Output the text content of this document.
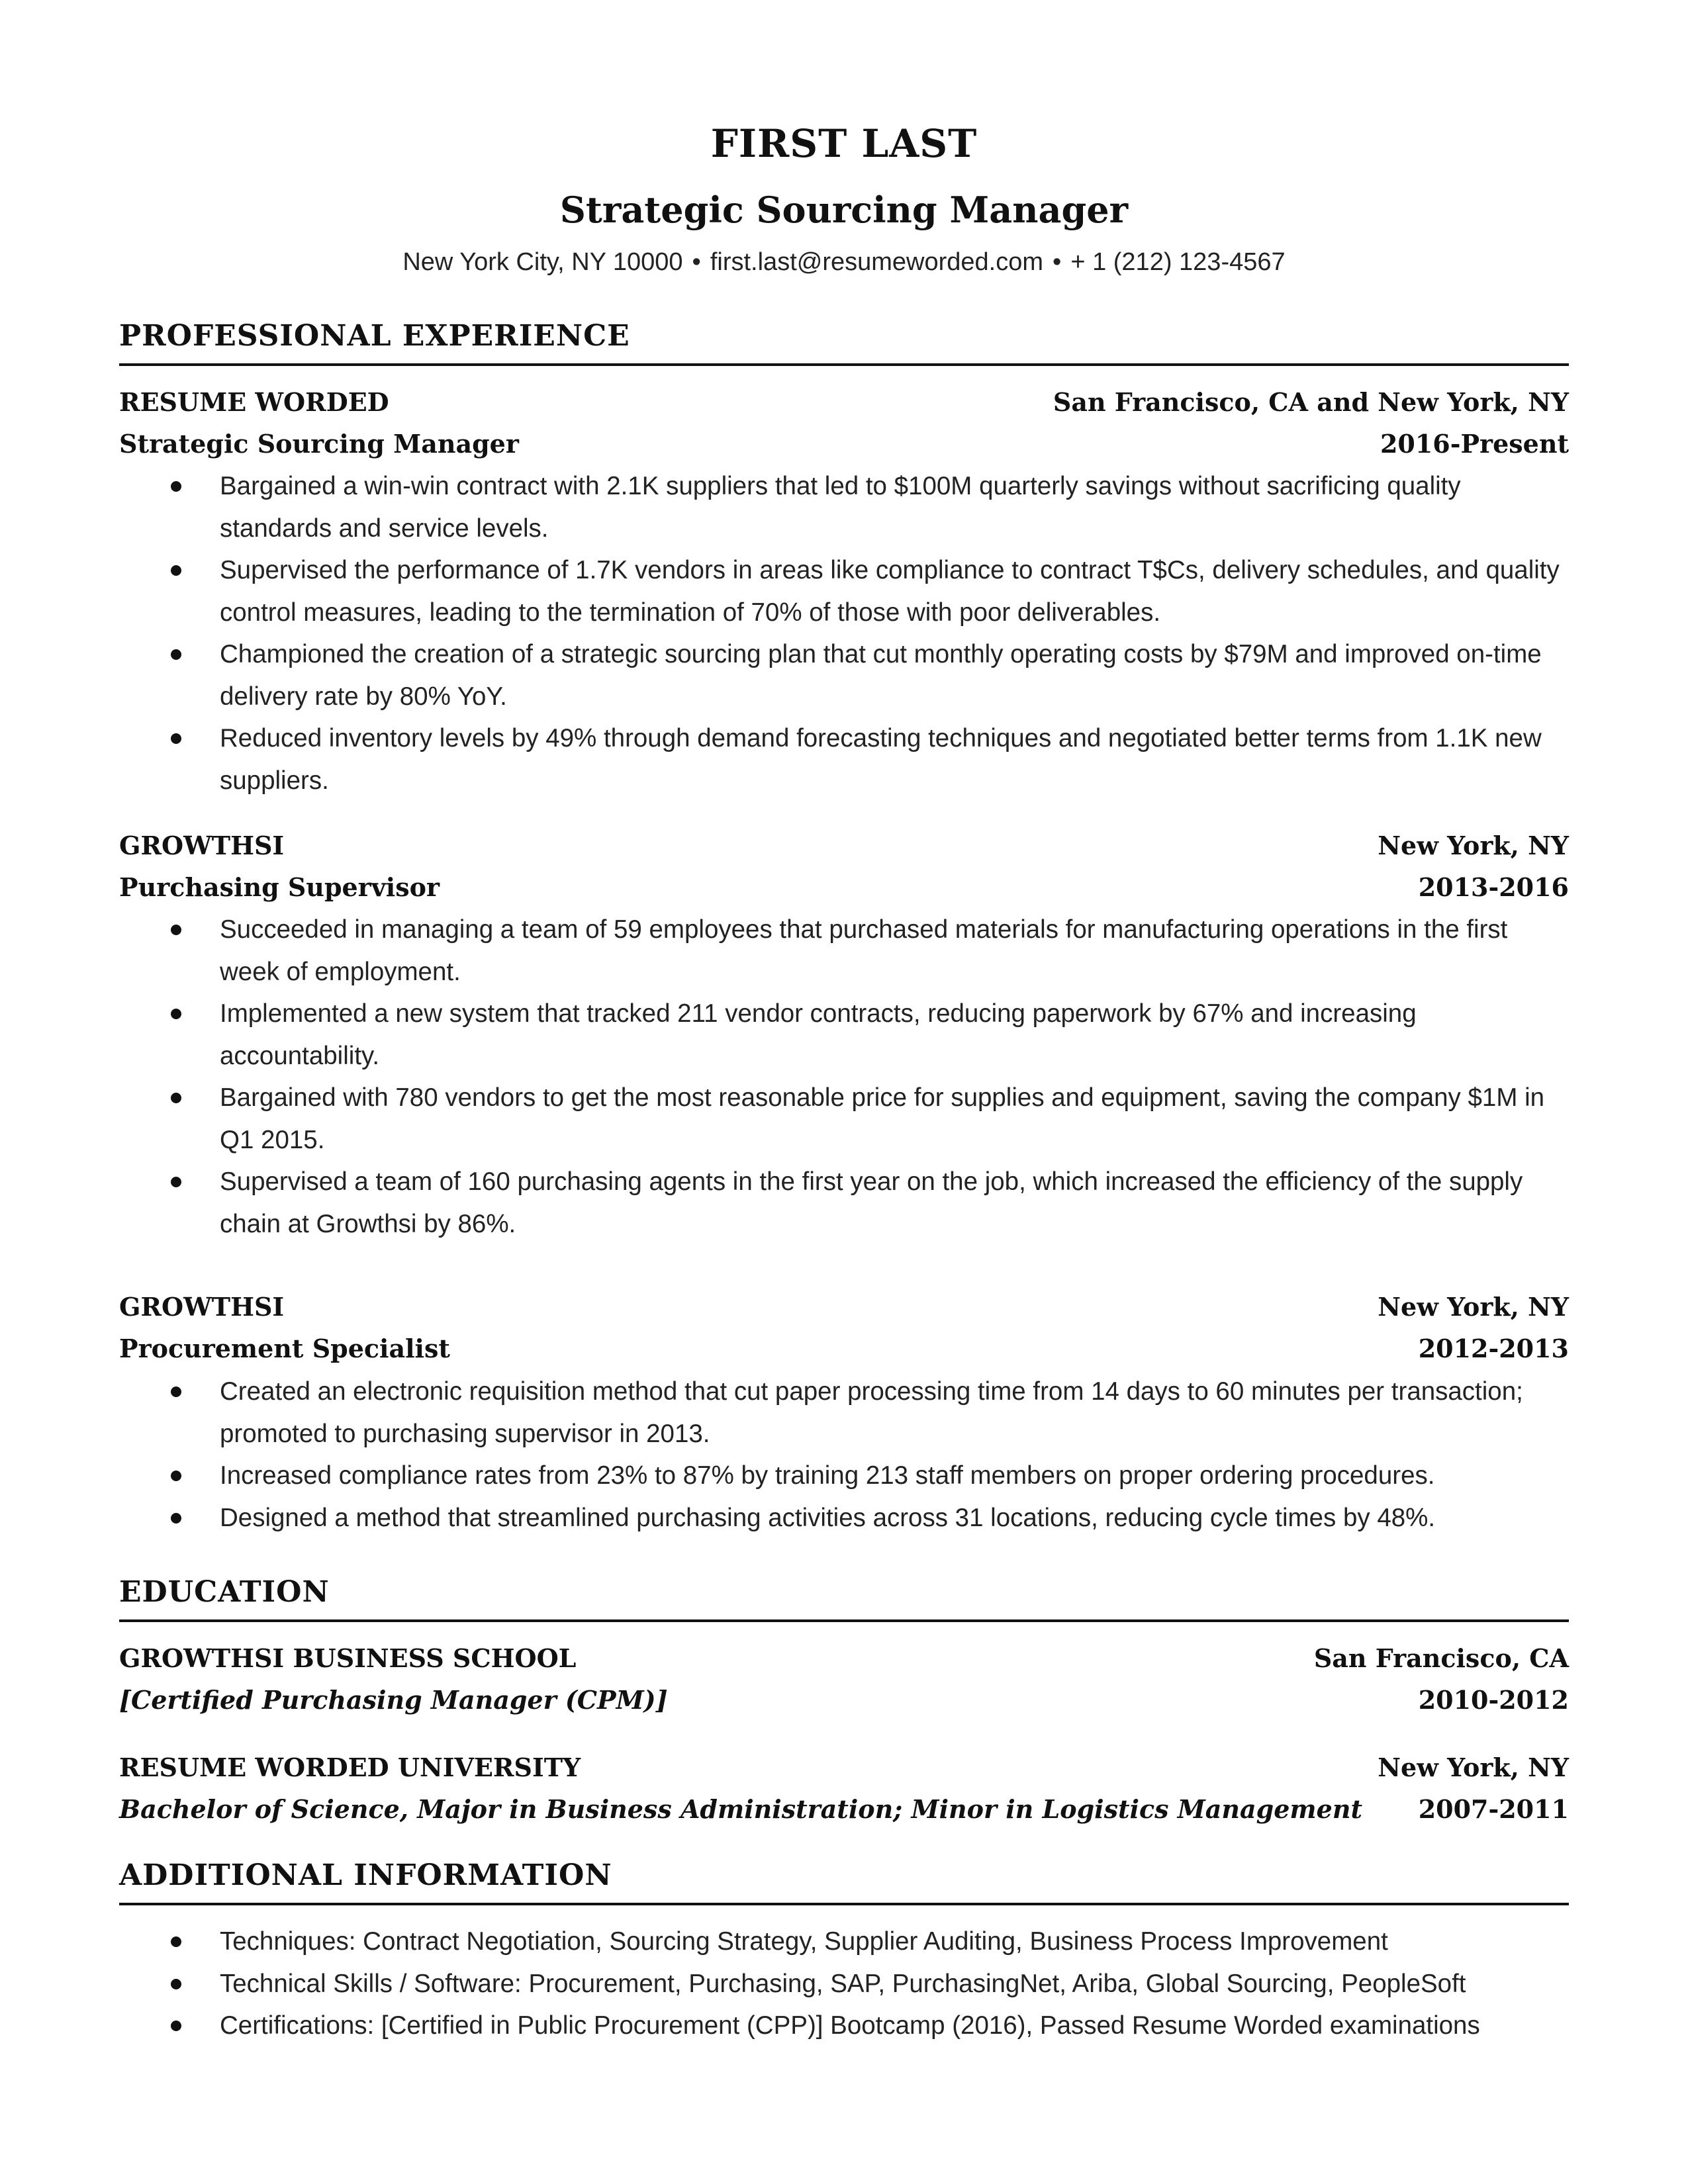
FIRST LAST
Strategic Sourcing Manager
New York City, NY 10000 • first.last@resumeworded.com • + 1 (212) 123-4567
PROFESSIONAL EXPERIENCE
RESUME WORDED	San Francisco, CA and New York, NY
Strategic Sourcing Manager	2016-Present
Bargained a win-win contract with 2.1K suppliers that led to $100M quarterly savings without sacrificing quality standards and service levels.
Supervised the performance of 1.7K vendors in areas like compliance to contract T$Cs, delivery schedules, and quality control measures, leading to the termination of 70% of those with poor deliverables.
Championed the creation of a strategic sourcing plan that cut monthly operating costs by $79M and improved on-time delivery rate by 80% YoY.
Reduced inventory levels by 49% through demand forecasting techniques and negotiated better terms from 1.1K new suppliers.
GROWTHSI	New York, NY
Purchasing Supervisor	2013-2016
Succeeded in managing a team of 59 employees that purchased materials for manufacturing operations in the first week of employment.
Implemented a new system that tracked 211 vendor contracts, reducing paperwork by 67% and increasing accountability.
Bargained with 780 vendors to get the most reasonable price for supplies and equipment, saving the company $1M in Q1 2015.
Supervised a team of 160 purchasing agents in the first year on the job, which increased the efficiency of the supply chain at Growthsi by 86%.
GROWTHSI	New York, NY
Procurement Specialist	2012-2013
Created an electronic requisition method that cut paper processing time from 14 days to 60 minutes per transaction; promoted to purchasing supervisor in 2013.
Increased compliance rates from 23% to 87% by training 213 staff members on proper ordering procedures.
Designed a method that streamlined purchasing activities across 31 locations, reducing cycle times by 48%.
EDUCATION
GROWTHSI BUSINESS SCHOOL	San Francisco, CA
[Certified Purchasing Manager (CPM)]	2010-2012
RESUME WORDED UNIVERSITY	New York, NY
Bachelor of Science, Major in Business Administration; Minor in Logistics Management 2007-2011
ADDITIONAL INFORMATION
Techniques: Contract Negotiation, Sourcing Strategy, Supplier Auditing, Business Process Improvement
Technical Skills / Software: Procurement, Purchasing, SAP, PurchasingNet, Ariba, Global Sourcing, PeopleSoft
Certifications: [Certified in Public Procurement (CPP)] Bootcamp (2016), Passed Resume Worded examinations
